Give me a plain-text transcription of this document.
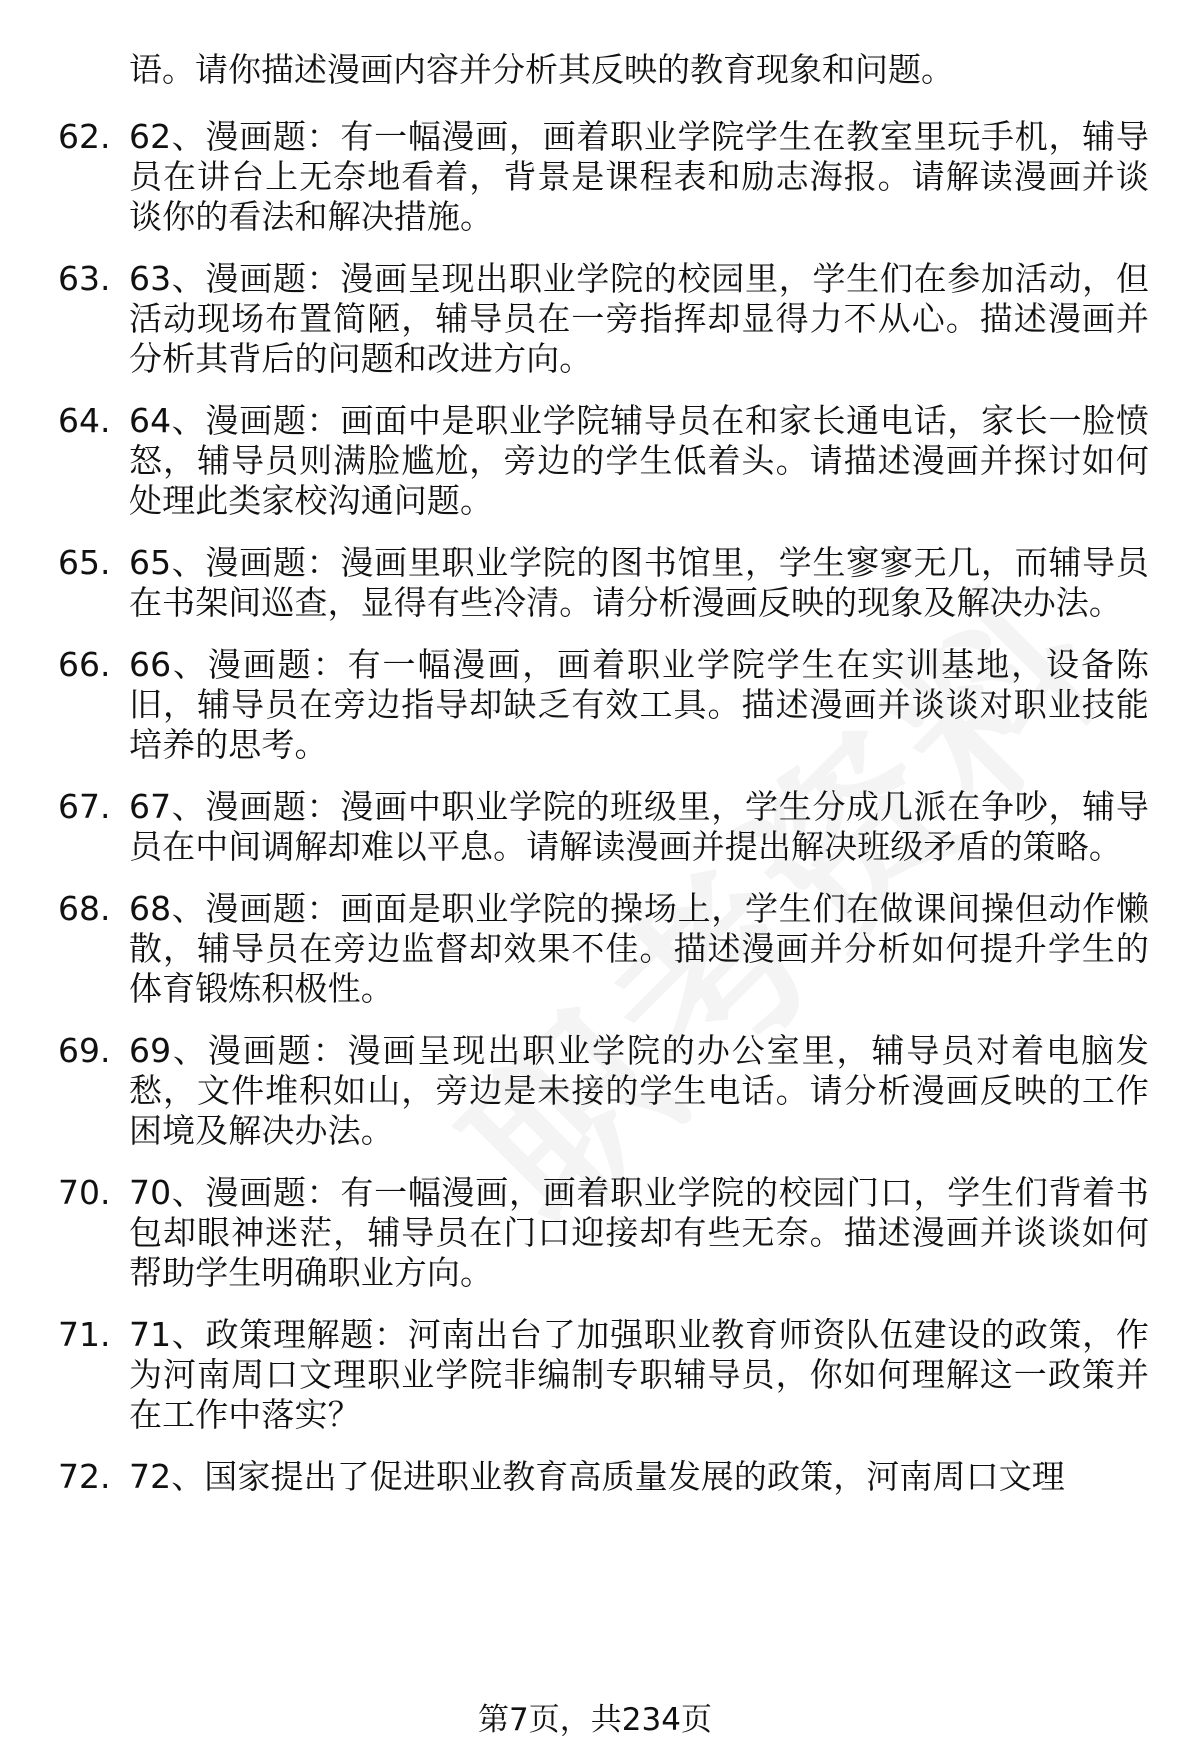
语。请你描述漫画内容并分析其反映的教育现象和问题。
62. 62、漫画题：有一幅漫画，画着职业学院学生在教室里玩手机，辅导员在讲台上无奈地看着，背景是课程表和励志海报。请解读漫画并谈谈你的看法和解决措施。
63. 63、漫画题：漫画呈现出职业学院的校园里，学生们在参加活动，但活动现场布置简陋，辅导员在一旁指挥却显得力不从心。描述漫画并分析其背后的问题和改进方向。
64. 64、漫画题：画面中是职业学院辅导员在和家长通电话，家长一脸愤怒，辅导员则满脸尴尬，旁边的学生低着头。请描述漫画并探讨如何处理此类家校沟通问题。
65. 65、漫画题：漫画里职业学院的图书馆里，学生寥寥无几，而辅导员在书架间巡查，显得有些冷清。请分析漫画反映的现象及解决办法。
66. 66、漫画题：有一幅漫画，画着职业学院学生在实训基地，设备陈旧，辅导员在旁边指导却缺乏有效工具。描述漫画并谈谈对职业技能培养的思考。
67. 67、漫画题：漫画中职业学院的班级里，学生分成几派在争吵，辅导员在中间调解却难以平息。请解读漫画并提出解决班级矛盾的策略。
68. 68、漫画题：画面是职业学院的操场上，学生们在做课间操但动作懒散，辅导员在旁边监督却效果不佳。描述漫画并分析如何提升学生的体育锻炼积极性。
69. 69、漫画题：漫画呈现出职业学院的办公室里，辅导员对着电脑发愁，文件堆积如山，旁边是未接的学生电话。请分析漫画反映的工作困境及解决办法。
70. 70、漫画题：有一幅漫画，画着职业学院的校园门口，学生们背着书包却眼神迷茫，辅导员在门口迎接却有些无奈。描述漫画并谈谈如何帮助学生明确职业方向。
71. 71、政策理解题：河南出台了加强职业教育师资队伍建设的政策，作为河南周口文理职业学院非编制专职辅导员，你如何理解这一政策并在工作中落实？
72. 72、国家提出了促进职业教育高质量发展的政策，河南周口文理
第7页，共234页
